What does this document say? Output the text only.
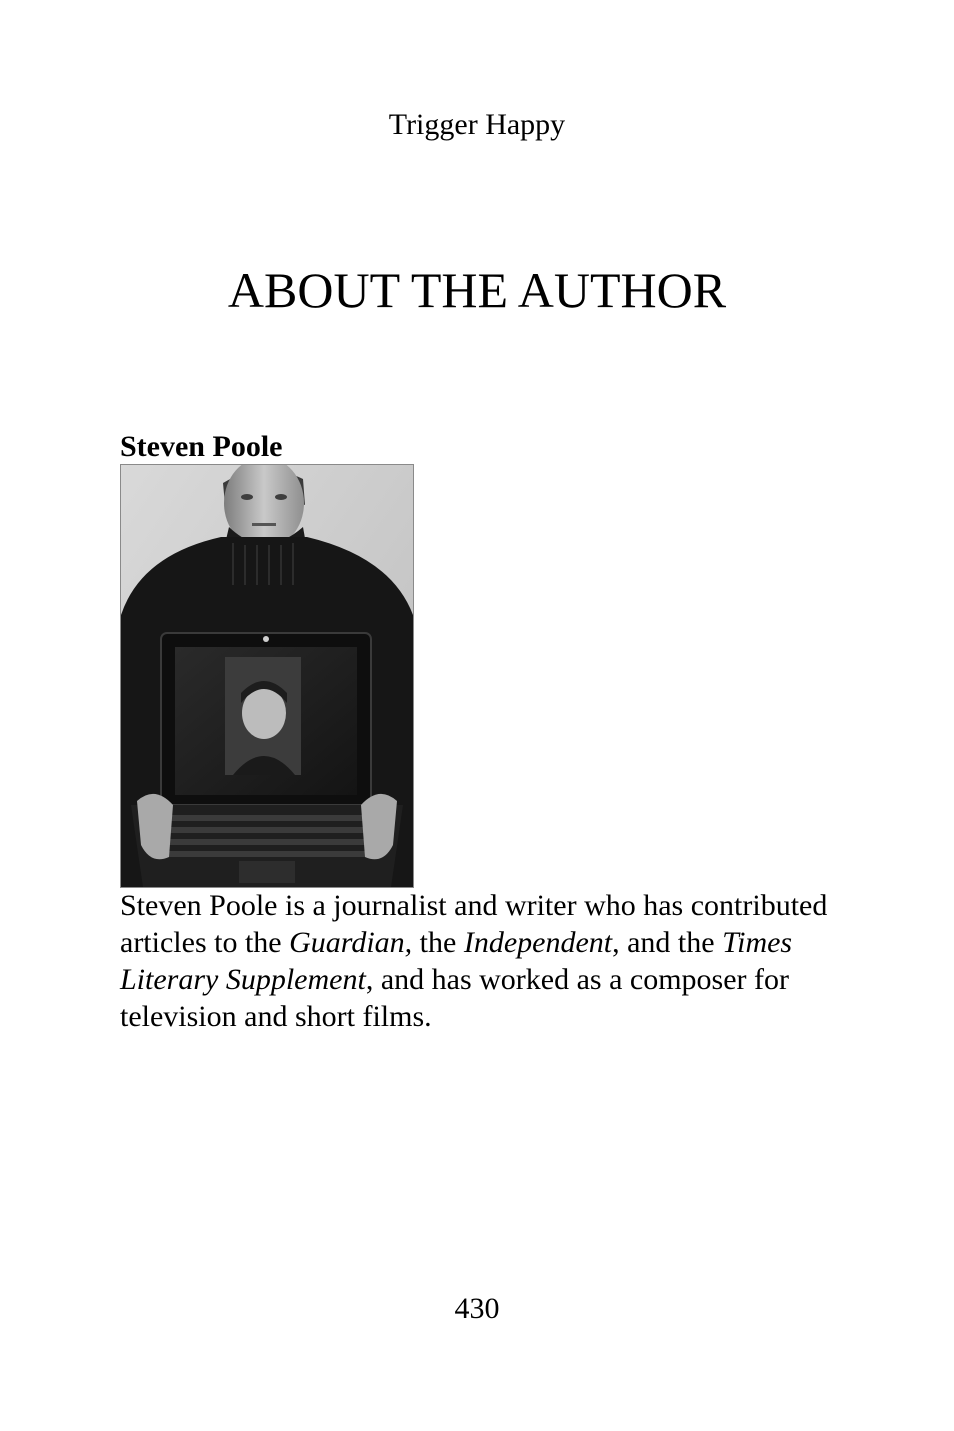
Trigger Happy
ABOUT THE AUTHOR
Steven Poole

Steven Poole is a journalist and writer who has contributed articles to the Guardian, the Independent, and the Times Literary Supplement, and has worked as a composer for television and short films.

430
